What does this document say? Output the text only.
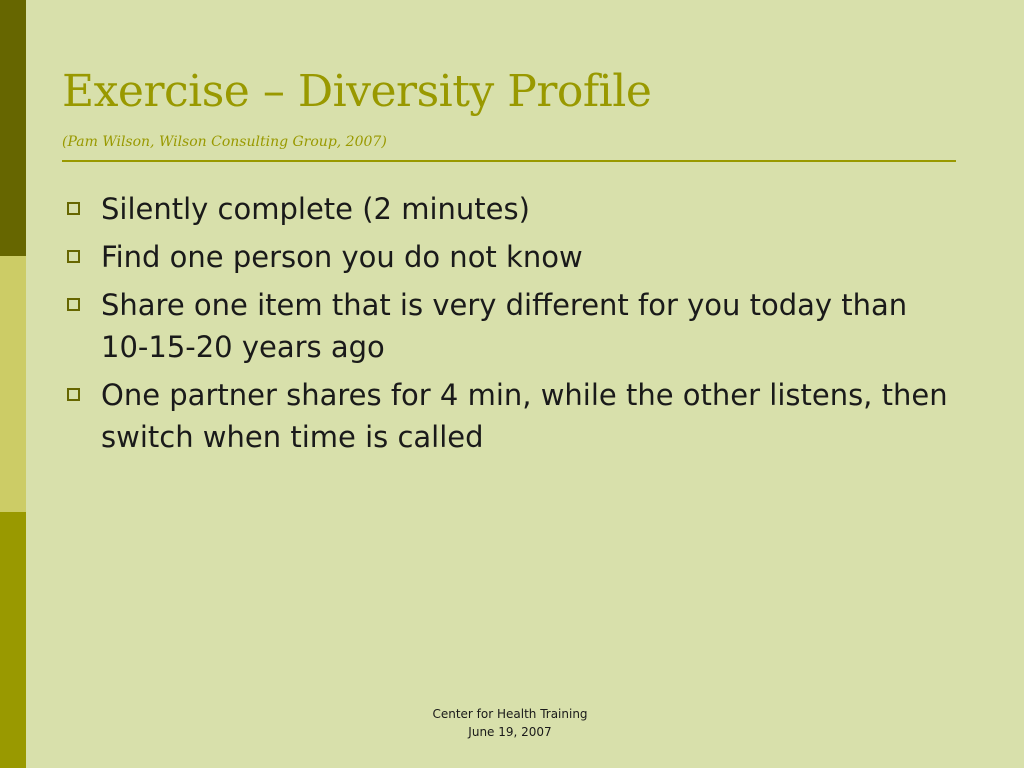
Exercise – Diversity Profile
(Pam Wilson, Wilson Consulting Group, 2007)
Silently complete (2 minutes)
Find one person you do not know
Share one item that is very different for you today than 10-15-20 years ago
One partner shares for 4 min, while the other listens, then switch when time is called
Center for Health Training
June 19, 2007
